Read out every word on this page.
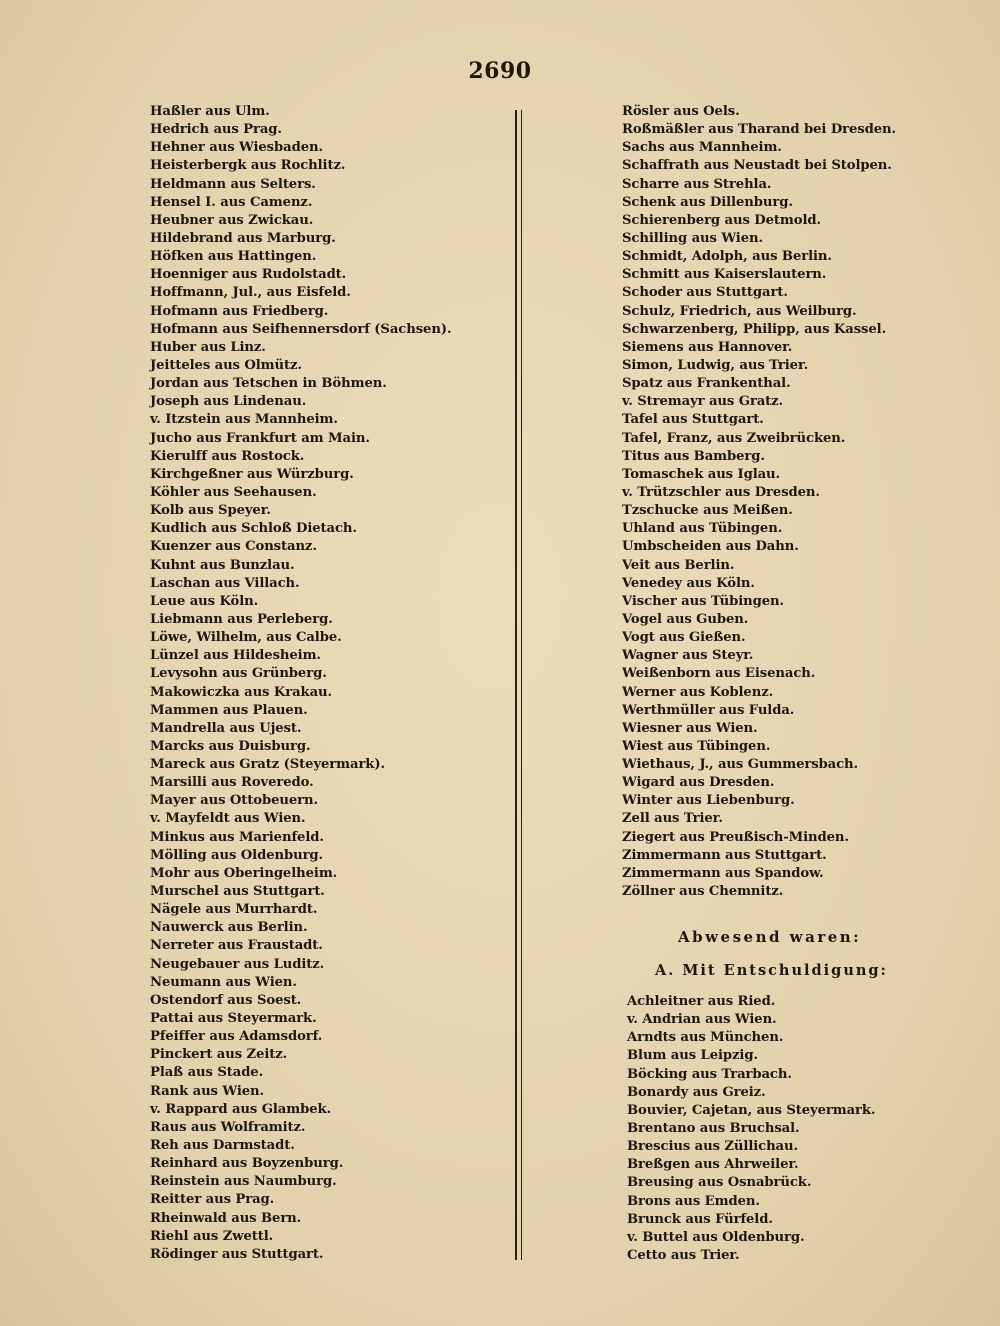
2690
Haßler aus Ulm.
Hedrich aus Prag.
Hehner aus Wiesbaden.
Heisterbergk aus Rochlitz.
Heldmann aus Selters.
Hensel I. aus Camenz.
Heubner aus Zwickau.
Hildebrand aus Marburg.
Höfken aus Hattingen.
Hoenniger aus Rudolstadt.
Hoffmann, Jul., aus Eisfeld.
Hofmann aus Friedberg.
Hofmann aus Seifhennersdorf (Sachsen).
Huber aus Linz.
Jeitteles aus Olmütz.
Jordan aus Tetschen in Böhmen.
Joseph aus Lindenau.
v. Itzstein aus Mannheim.
Jucho aus Frankfurt am Main.
Kierulff aus Rostock.
Kirchgeßner aus Würzburg.
Köhler aus Seehausen.
Kolb aus Speyer.
Kudlich aus Schloß Dietach.
Kuenzer aus Constanz.
Kuhnt aus Bunzlau.
Laschan aus Villach.
Leue aus Köln.
Liebmann aus Perleberg.
Löwe, Wilhelm, aus Calbe.
Lünzel aus Hildesheim.
Levysohn aus Grünberg.
Makowiczka aus Krakau.
Mammen aus Plauen.
Mandrella aus Ujest.
Marcks aus Duisburg.
Mareck aus Gratz (Steyermark).
Marsilli aus Roveredo.
Mayer aus Ottobeuern.
v. Mayfeldt aus Wien.
Minkus aus Marienfeld.
Mölling aus Oldenburg.
Mohr aus Oberingelheim.
Murschel aus Stuttgart.
Nägele aus Murrhardt.
Nauwerck aus Berlin.
Nerreter aus Fraustadt.
Neugebauer aus Luditz.
Neumann aus Wien.
Ostendorf aus Soest.
Pattai aus Steyermark.
Pfeiffer aus Adamsdorf.
Pinckert aus Zeitz.
Plaß aus Stade.
Rank aus Wien.
v. Rappard aus Glambek.
Raus aus Wolframitz.
Reh aus Darmstadt.
Reinhard aus Boyzenburg.
Reinstein aus Naumburg.
Reitter aus Prag.
Rheinwald aus Bern.
Riehl aus Zwettl.
Rödinger aus Stuttgart.
Rösler aus Oels.
Roßmäßler aus Tharand bei Dresden.
Sachs aus Mannheim.
Schaffrath aus Neustadt bei Stolpen.
Scharre aus Strehla.
Schenk aus Dillenburg.
Schierenberg aus Detmold.
Schilling aus Wien.
Schmidt, Adolph, aus Berlin.
Schmitt aus Kaiserslautern.
Schoder aus Stuttgart.
Schulz, Friedrich, aus Weilburg.
Schwarzenberg, Philipp, aus Kassel.
Siemens aus Hannover.
Simon, Ludwig, aus Trier.
Spatz aus Frankenthal.
v. Stremayr aus Gratz.
Tafel aus Stuttgart.
Tafel, Franz, aus Zweibrücken.
Titus aus Bamberg.
Tomaschek aus Iglau.
v. Trützschler aus Dresden.
Tzschucke aus Meißen.
Uhland aus Tübingen.
Umbscheiden aus Dahn.
Veit aus Berlin.
Venedey aus Köln.
Vischer aus Tübingen.
Vogel aus Guben.
Vogt aus Gießen.
Wagner aus Steyr.
Weißenborn aus Eisenach.
Werner aus Koblenz.
Werthmüller aus Fulda.
Wiesner aus Wien.
Wiest aus Tübingen.
Wiethaus, J., aus Gummersbach.
Wigard aus Dresden.
Winter aus Liebenburg.
Zell aus Trier.
Ziegert aus Preußisch-Minden.
Zimmermann aus Stuttgart.
Zimmermann aus Spandow.
Zöllner aus Chemnitz.
Abwesend waren:
A. Mit Entschuldigung:
Achleitner aus Ried.
v. Andrian aus Wien.
Arndts aus München.
Blum aus Leipzig.
Böcking aus Trarbach.
Bonardy aus Greiz.
Bouvier, Cajetan, aus Steyermark.
Brentano aus Bruchsal.
Brescius aus Züllichau.
Breßgen aus Ahrweiler.
Breusing aus Osnabrück.
Brons aus Emden.
Brunck aus Fürfeld.
v. Buttel aus Oldenburg.
Cetto aus Trier.
